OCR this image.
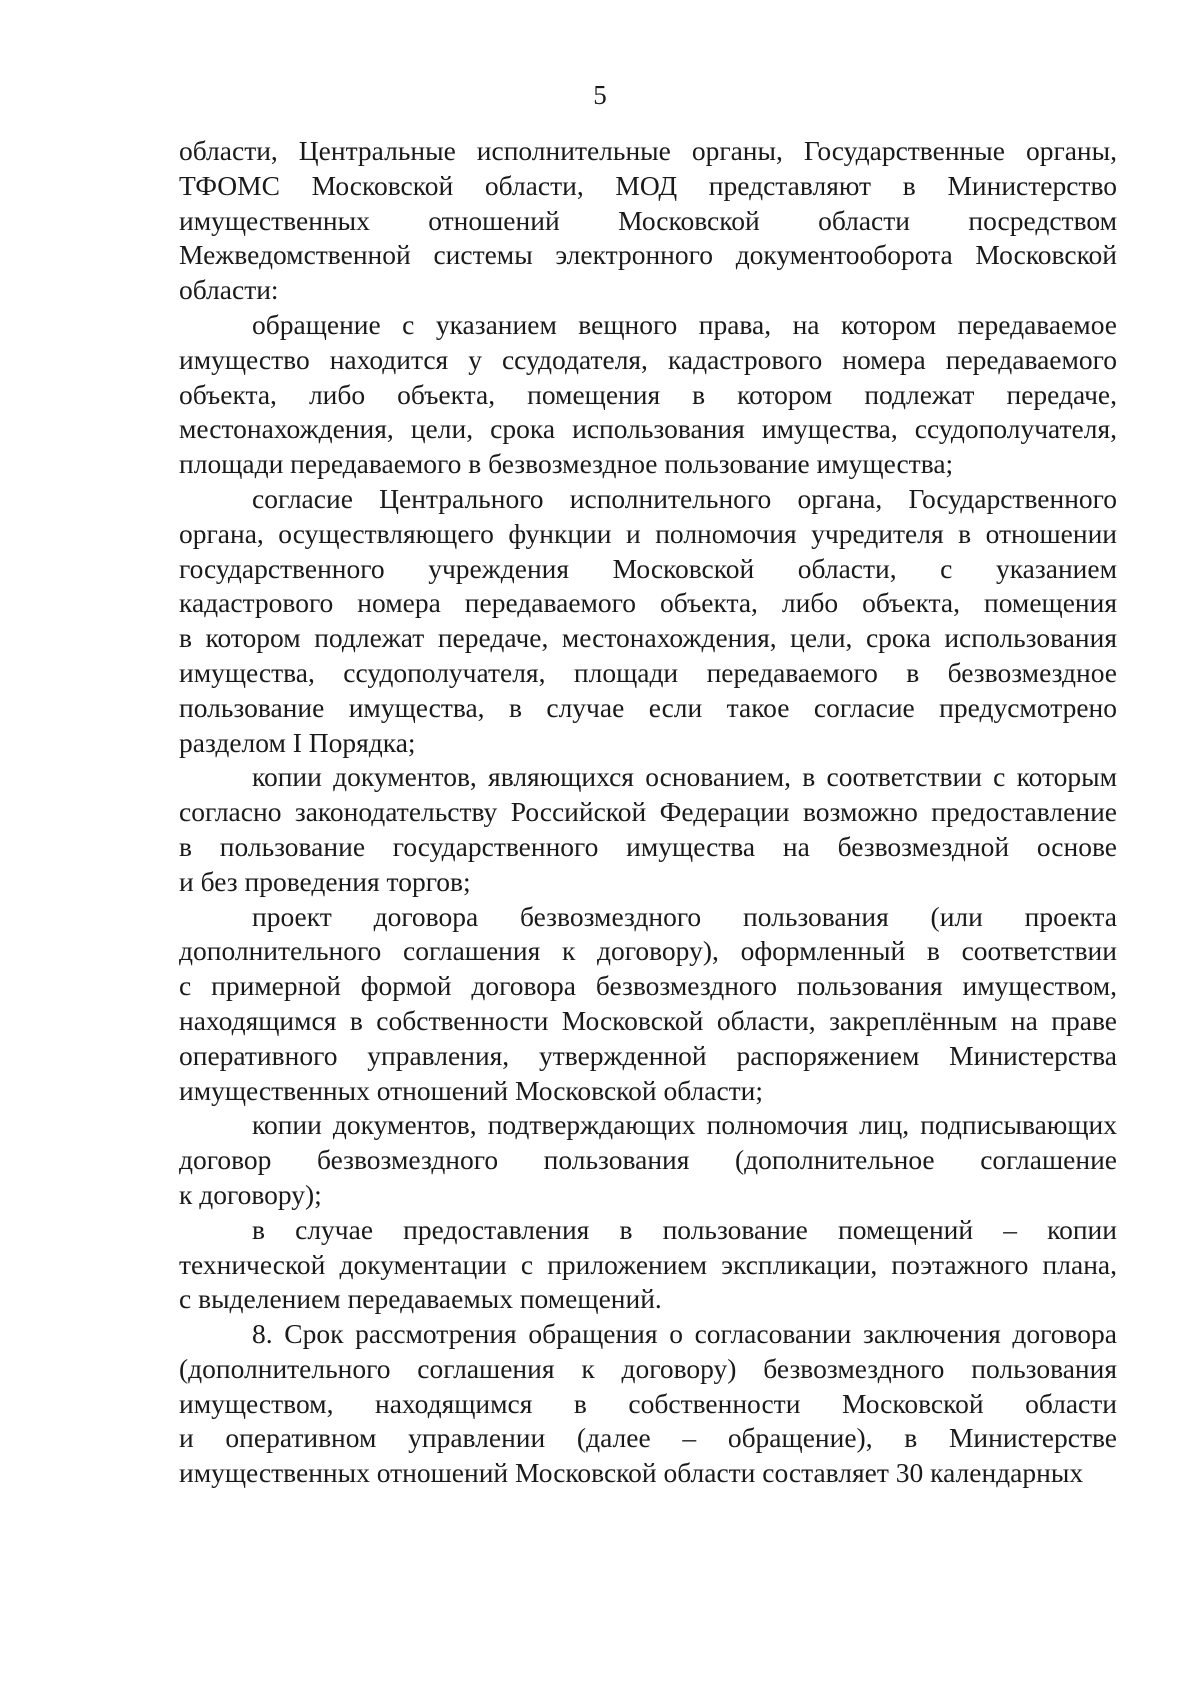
5
области, Центральные исполнительные органы, Государственные органы,
ТФОМС Московской области, МОД представляют в Министерство
имущественных отношений Московской области посредством
Межведомственной системы электронного документооборота Московской
области:
обращение с указанием вещного права, на котором передаваемое
имущество находится у ссудодателя, кадастрового номера передаваемого
объекта, либо объекта, помещения в котором подлежат передаче,
местонахождения, цели, срока использования имущества, ссудополучателя,
площади передаваемого в безвозмездное пользование имущества;
согласие Центрального исполнительного органа, Государственного
органа, осуществляющего функции и полномочия учредителя в отношении
государственного учреждения Московской области, с указанием
кадастрового номера передаваемого объекта, либо объекта, помещения
в котором подлежат передаче, местонахождения, цели, срока использования
имущества, ссудополучателя, площади передаваемого в безвозмездное
пользование имущества, в случае если такое согласие предусмотрено
разделом I Порядка;
копии документов, являющихся основанием, в соответствии с которым
согласно законодательству Российской Федерации возможно предоставление
в пользование государственного имущества на безвозмездной основе
и без проведения торгов;
проект договора безвозмездного пользования (или проекта
дополнительного соглашения к договору), оформленный в соответствии
с примерной формой договора безвозмездного пользования имуществом,
находящимся в собственности Московской области, закреплённым на праве
оперативного управления, утвержденной распоряжением Министерства
имущественных отношений Московской области;
копии документов, подтверждающих полномочия лиц, подписывающих
договор безвозмездного пользования (дополнительное соглашение
к договору);
в случае предоставления в пользование помещений – копии
технической документации с приложением экспликации, поэтажного плана,
с выделением передаваемых помещений.
8. Срок рассмотрения обращения о согласовании заключения договора
(дополнительного соглашения к договору) безвозмездного пользования
имуществом, находящимся в собственности Московской области
и оперативном управлении (далее – обращение), в Министерстве
имущественных отношений Московской области составляет 30 календарных
